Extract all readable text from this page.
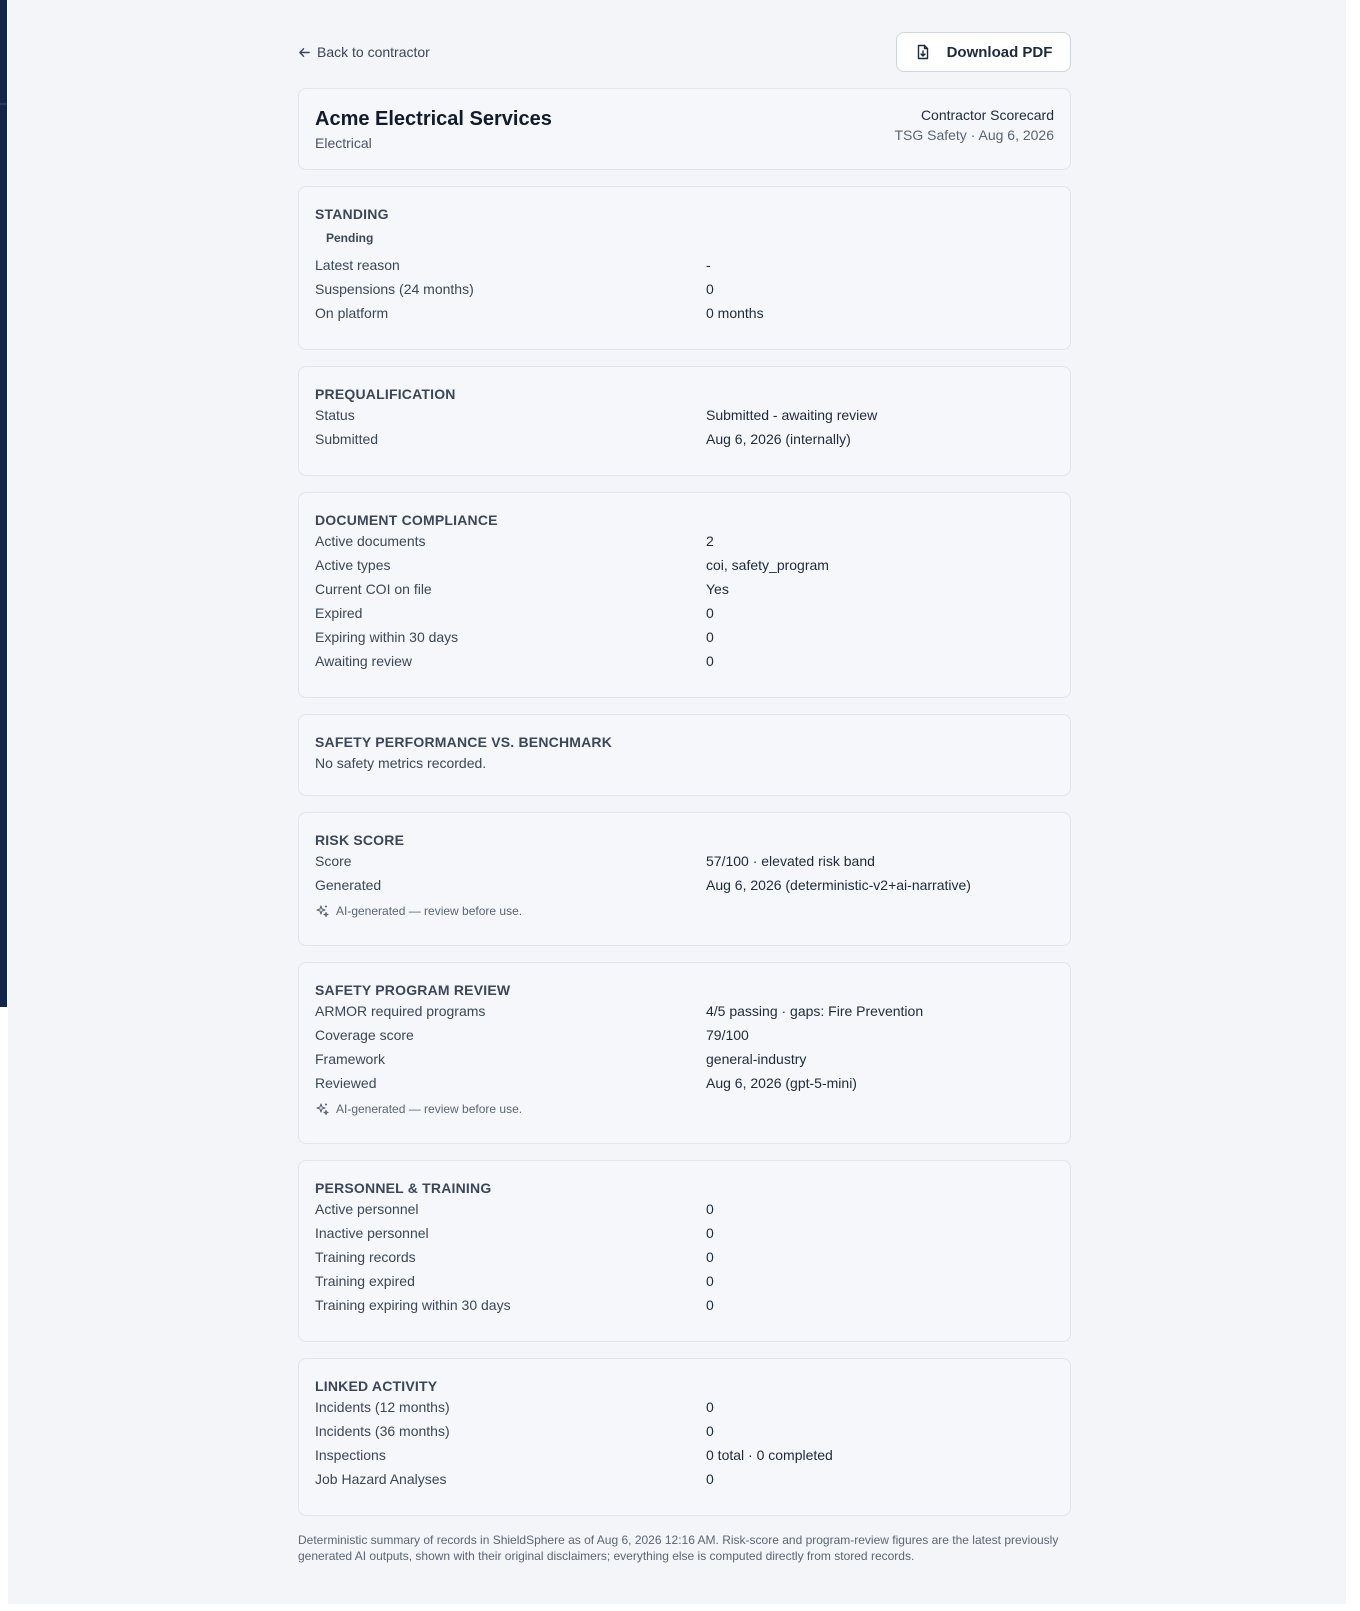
Back to contractor	Download PDF
Acme Electrical Services
Electrical
Contractor Scorecard
TSG Safety · Aug 6, 2026
STANDING
Pending
Latest reason	-
Suspensions (24 months)	0
On platform	0 months
PREQUALIFICATION
Status	Submitted - awaiting review
Submitted	Aug 6, 2026 (internally)
DOCUMENT COMPLIANCE
Active documents	2
Active types	coi, safety_program
Current COI on file	Yes
Expired	0
Expiring within 30 days	0
Awaiting review	0
SAFETY PERFORMANCE VS. BENCHMARK
No safety metrics recorded.
RISK SCORE
Score	57/100 · elevated risk band
Generated	Aug 6, 2026 (deterministic-v2+ai-narrative)
AI-generated — review before use.
SAFETY PROGRAM REVIEW
ARMOR required programs	4/5 passing · gaps: Fire Prevention
Coverage score	79/100
Framework	general-industry
Reviewed	Aug 6, 2026 (gpt-5-mini)
AI-generated — review before use.
PERSONNEL & TRAINING
Active personnel	0
Inactive personnel	0
Training records	0
Training expired	0
Training expiring within 30 days	0
LINKED ACTIVITY
Incidents (12 months)	0
Incidents (36 months)	0
Inspections	0 total · 0 completed
Job Hazard Analyses	0
Deterministic summary of records in ShieldSphere as of Aug 6, 2026 12:16 AM. Risk-score and program-review figures are the latest previously generated AI outputs, shown with their original disclaimers; everything else is computed directly from stored records.
